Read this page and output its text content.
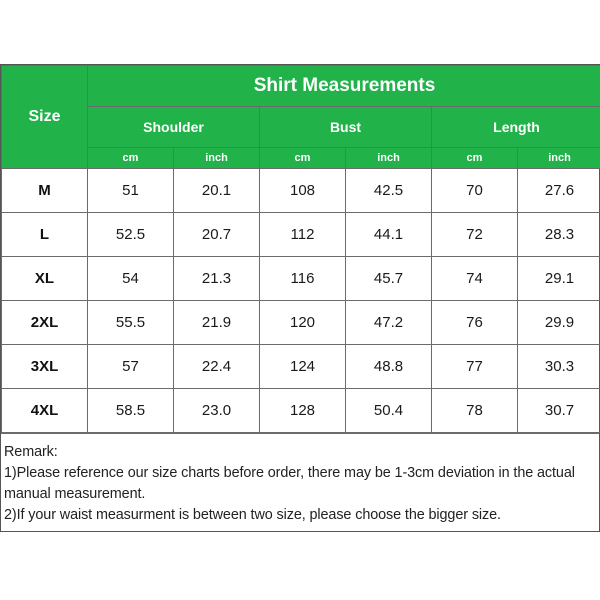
Size	Shirt Measurements					
	Shoulder		Bust		Length	
	cm	inch	cm	inch	cm	inch
M	51	20.1	108	42.5	70	27.6
L	52.5	20.7	112	44.1	72	28.3
XL	54	21.3	116	45.7	74	29.1
2XL	55.5	21.9	120	47.2	76	29.9
3XL	57	22.4	124	48.8	77	30.3
4XL	58.5	23.0	128	50.4	78	30.7
Remark:
1)Please reference our size charts before order, there may be 1-3cm deviation in the actual manual measurement.
2)If your waist measurment is between two size, please choose the bigger size.
